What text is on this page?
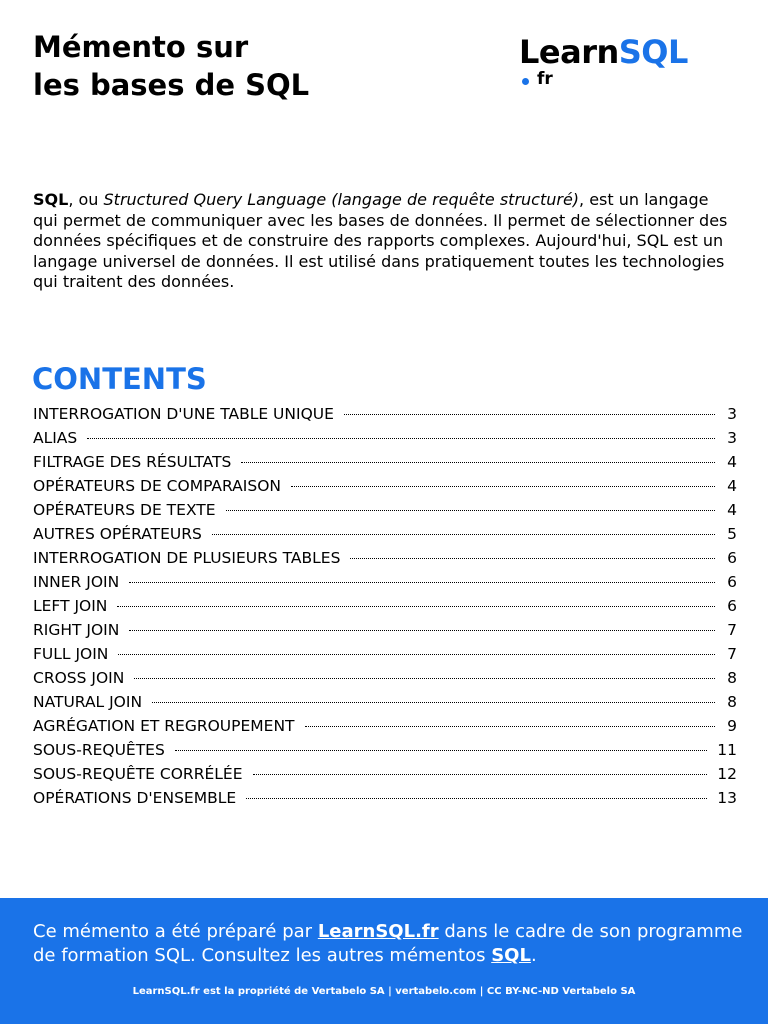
Mémento sur
les bases de SQL
LearnSQL
fr

SQL, ou Structured Query Language (langage de requête structuré), est un langage qui permet de communiquer avec les bases de données. Il permet de sélectionner des données spécifiques et de construire des rapports complexes. Aujourd'hui, SQL est un langage universel de données. Il est utilisé dans pratiquement toutes les technologies qui traitent des données.

CONTENTS
INTERROGATION D'UNE TABLE UNIQUE	3
ALIAS	3
FILTRAGE DES RÉSULTATS	4
OPÉRATEURS DE COMPARAISON	4
OPÉRATEURS DE TEXTE	4
AUTRES OPÉRATEURS	5
INTERROGATION DE PLUSIEURS TABLES	6
INNER JOIN	6
LEFT JOIN	6
RIGHT JOIN	7
FULL JOIN	7
CROSS JOIN	8
NATURAL JOIN	8
AGRÉGATION ET REGROUPEMENT	9
SOUS-REQUÊTES	11
SOUS-REQUÊTE CORRÉLÉE	12
OPÉRATIONS D'ENSEMBLE	13

Ce mémento a été préparé par LearnSQL.fr dans le cadre de son programme de formation SQL. Consultez les autres mémentos SQL.

LearnSQL.fr est la propriété de Vertabelo SA | vertabelo.com | CC BY-NC-ND Vertabelo SA
